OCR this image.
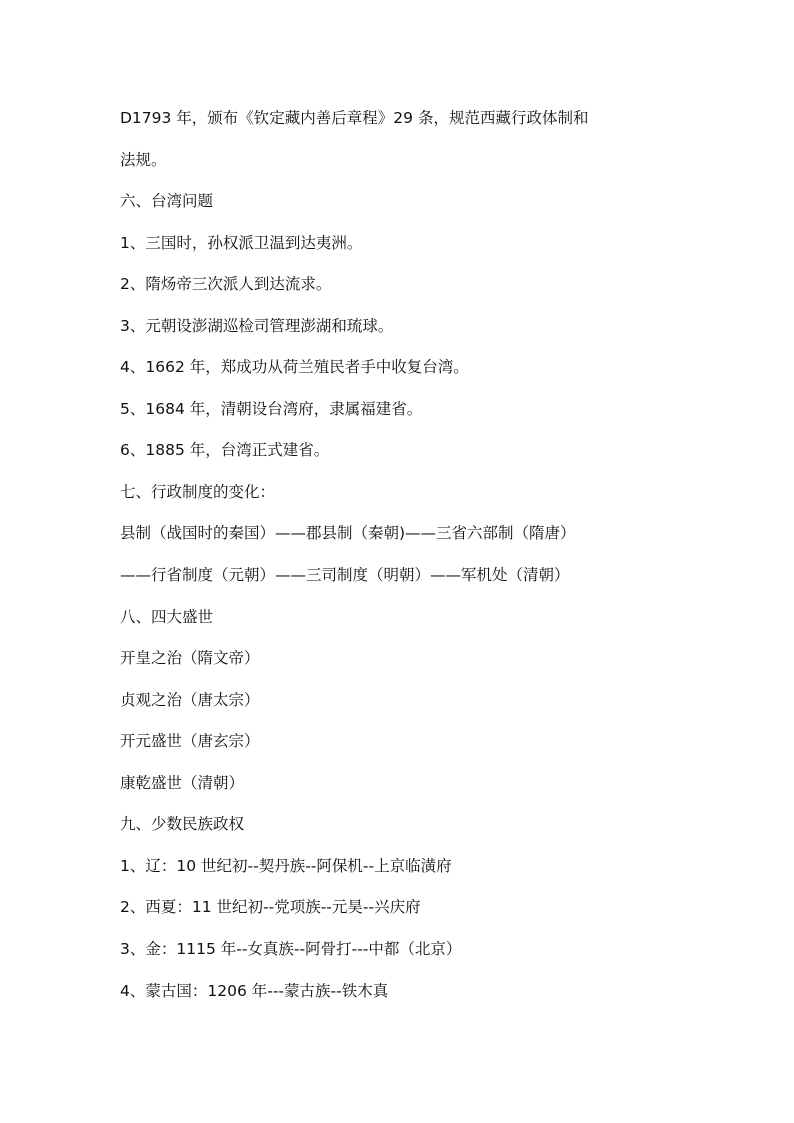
D1793 年，颁布《钦定藏内善后章程》29 条，规范西藏行政体制和
法规。
六、台湾问题
1、三国时，孙权派卫温到达夷洲。
2、隋炀帝三次派人到达流求。
3、元朝设澎湖巡检司管理澎湖和琉球。
4、1662 年，郑成功从荷兰殖民者手中收复台湾。
5、1684 年，清朝设台湾府，隶属福建省。
6、1885 年，台湾正式建省。
七、行政制度的变化：
县制（战国时的秦国）——郡县制（秦朝)——三省六部制（隋唐）
——行省制度（元朝）——三司制度（明朝）——军机处（清朝）
八、四大盛世
开皇之治（隋文帝）
贞观之治（唐太宗）
开元盛世（唐玄宗）
康乾盛世（清朝）
九、少数民族政权
1、辽：10 世纪初--契丹族--阿保机--上京临潢府
2、西夏：11 世纪初--党项族--元昊--兴庆府
3、金：1115 年--女真族--阿骨打---中都（北京）
4、蒙古国：1206 年---蒙古族--铁木真
